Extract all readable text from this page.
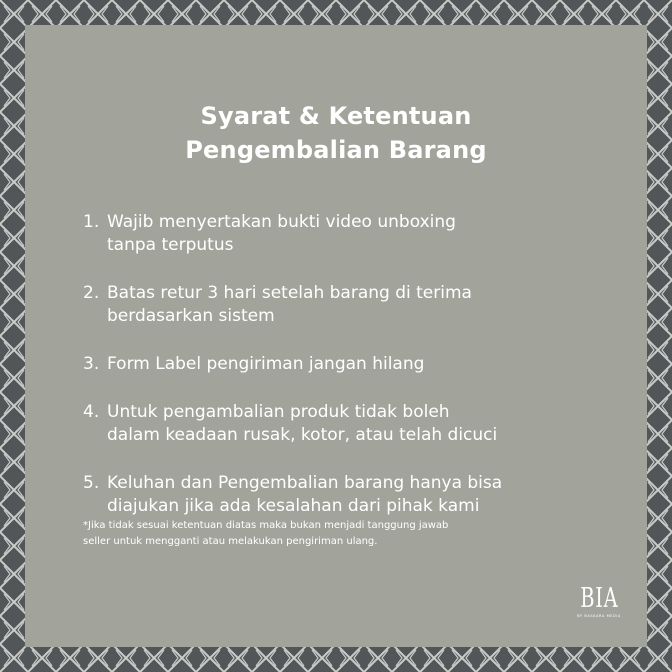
Syarat & Ketentuan
Pengembalian Barang
1. Wajib menyertakan bukti video unboxing
tanpa terputus
2. Batas retur 3 hari setelah barang di terima
berdasarkan sistem
3. Form Label pengiriman jangan hilang
4. Untuk pengambalian produk tidak boleh
dalam keadaan rusak, kotor, atau telah dicuci
5. Keluhan dan Pengembalian barang hanya bisa
diajukan jika ada kesalahan dari pihak kami
*Jika tidak sesuai ketentuan diatas maka bukan menjadi tanggung jawab
seller untuk mengganti atau melakukan pengiriman ulang.
BIA
BY BASKARA MEDIA
